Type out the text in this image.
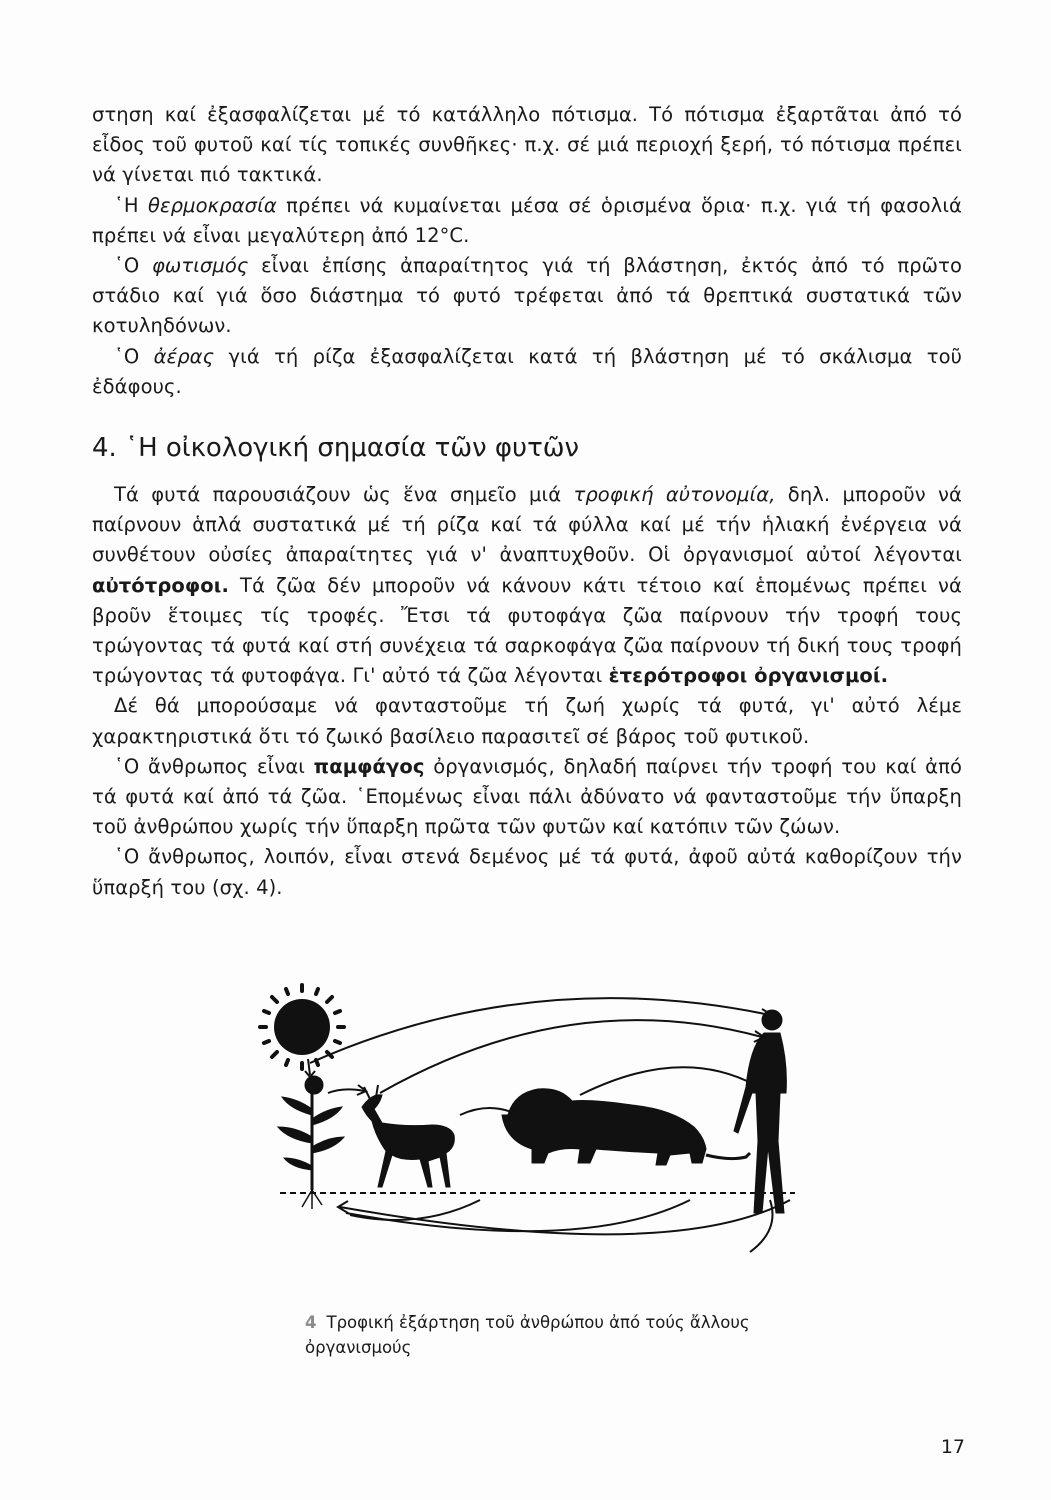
στηση καί ἐξασφαλίζεται μέ τό κατάλληλο πότισμα. Τό πότισμα ἐξαρτᾶται ἀπό τό εἶδος τοῦ φυτοῦ καί τίς τοπικές συνθῆκες· π.χ. σέ μιά περιοχή ξερή, τό πότισμα πρέπει νά γίνεται πιό τακτικά.

῾Η θερμοκρασία πρέπει νά κυμαίνεται μέσα σέ ὁρισμένα ὅρια· π.χ. γιά τή φασολιά πρέπει νά εἶναι μεγαλύτερη ἀπό 12°C.

῾Ο φωτισμός εἶναι ἐπίσης ἀπαραίτητος γιά τή βλάστηση, ἐκτός ἀπό τό πρῶτο στάδιο καί γιά ὅσο διάστημα τό φυτό τρέφεται ἀπό τά θρεπτικά συστατικά τῶν κοτυληδόνων.

῾Ο ἀέρας γιά τή ρίζα ἐξασφαλίζεται κατά τή βλάστηση μέ τό σκάλισμα τοῦ ἐδάφους.

4. ῾Η οἰκολογική σημασία τῶν φυτῶν

Τά φυτά παρουσιάζουν ὡς ἕνα σημεῖο μιά τροφική αὐτονομία, δηλ. μποροῦν νά παίρνουν ἁπλά συστατικά μέ τή ρίζα καί τά φύλλα καί μέ τήν ἡλιακή ἐνέργεια νά συνθέτουν οὐσίες ἀπαραίτητες γιά ν' ἀναπτυχθοῦν. Οἱ ὀργανισμοί αὐτοί λέγονται αὐτότροφοι. Τά ζῶα δέν μποροῦν νά κάνουν κάτι τέτοιο καί ἑπομένως πρέπει νά βροῦν ἕτοιμες τίς τροφές. Ἔτσι τά φυτοφάγα ζῶα παίρνουν τήν τροφή τους τρώγοντας τά φυτά καί στή συνέχεια τά σαρκοφάγα ζῶα παίρνουν τή δική τους τροφή τρώγοντας τά φυτοφάγα. Γι' αὐτό τά ζῶα λέγονται ἑτερότροφοι ὀργανισμοί.

Δέ θά μπορούσαμε νά φανταστοῦμε τή ζωή χωρίς τά φυτά, γι' αὐτό λέμε χαρακτηριστικά ὅτι τό ζωικό βασίλειο παρασιτεῖ σέ βάρος τοῦ φυτικοῦ.

῾Ο ἄνθρωπος εἶναι παμφάγος ὀργανισμός, δηλαδή παίρνει τήν τροφή του καί ἀπό τά φυτά καί ἀπό τά ζῶα. ῾Επομένως εἶναι πάλι ἀδύνατο νά φανταστοῦμε τήν ὕπαρξη τοῦ ἀνθρώπου χωρίς τήν ὕπαρξη πρῶτα τῶν φυτῶν καί κατόπιν τῶν ζώων.

῾Ο ἄνθρωπος, λοιπόν, εἶναι στενά δεμένος μέ τά φυτά, ἀφοῦ αὐτά καθορίζουν τήν ὕπαρξή του (σχ. 4).

4 Τροφική ἐξάρτηση τοῦ ἀνθρώπου ἀπό τούς ἄλλους ὀργανισμούς
17
